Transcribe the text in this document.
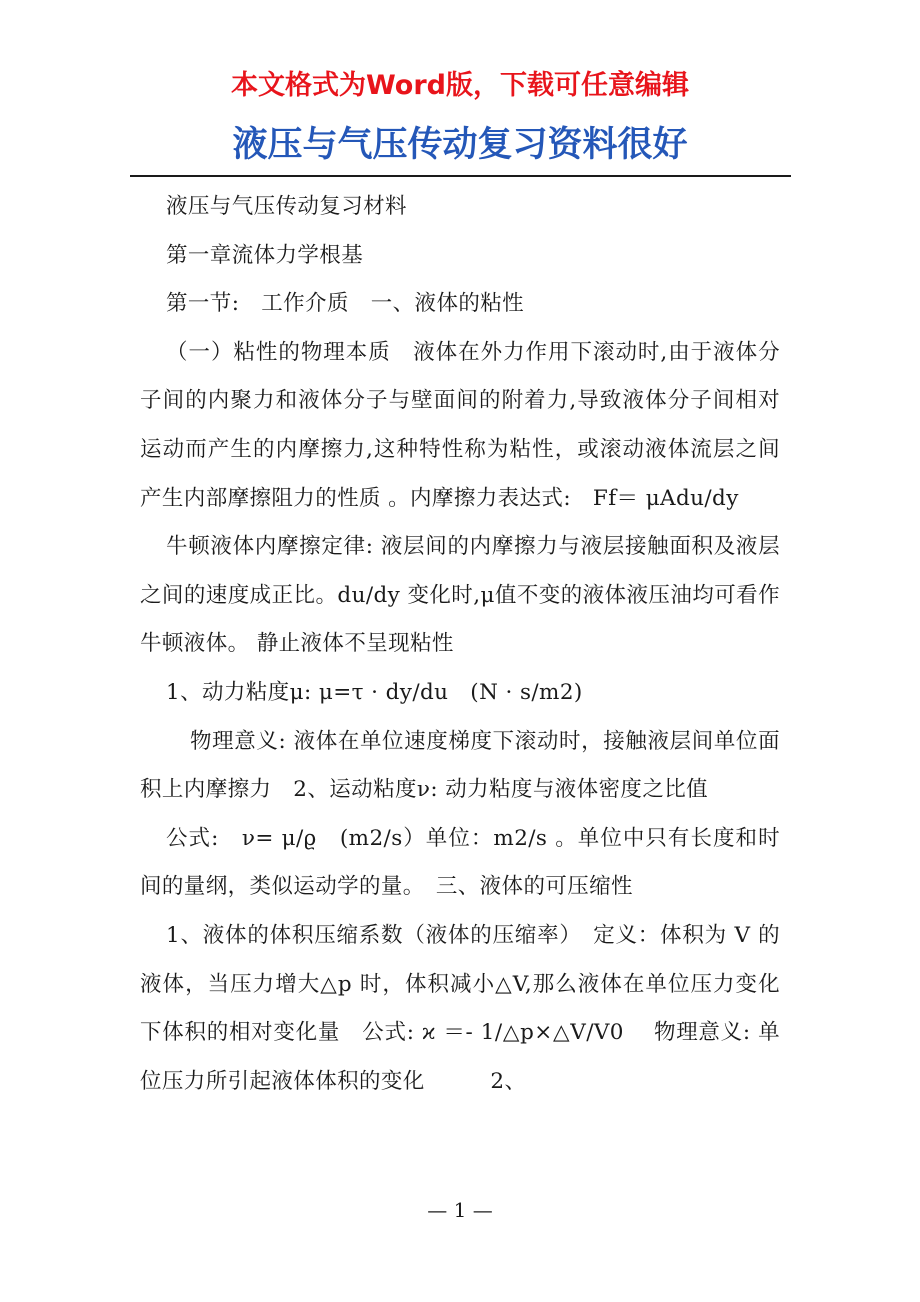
本文格式为Word版，下载可任意编辑
液压与气压传动复习资料很好

液压与气压传动复习材料

第一章流体力学根基

第一节:　工作介质　一、液体的粘性

（一）粘性的物理本质　液体在外力作用下滚动时,由于液体分子间的内聚力和液体分子与壁面间的附着力,导致液体分子间相对运动而产生的内摩擦力,这种特性称为粘性，或滚动液体流层之间产生内部摩擦阻力的性质 。内摩擦力表达式:　Ff＝ μAdu/dy

牛顿液体内摩擦定律: 液层间的内摩擦力与液层接触面积及液层之间的速度成正比。du/dy 变化时,μ值不变的液体液压油均可看作牛顿液体。 静止液体不呈现粘性

1、动力粘度μ: μ=τ · dy/du　(N · s/m2)

物理意义: 液体在单位速度梯度下滚动时，接触液层间单位面积上内摩擦力　2、运动粘度ν: 动力粘度与液体密度之比值

公式:　ν= μ/ϱ　(m2/s）单位：m2/s 。单位中只有长度和时间的量纲，类似运动学的量。　三、液体的可压缩性

1、液体的体积压缩系数（液体的压缩率）　定义：体积为 V 的液体，当压力增大△p 时，体积减小△V,那么液体在单位压力变化下体积的相对变化量　公式: ϰ ＝- 1/△p×△V/V0　 物理意义: 单位压力所引起液体体积的变化　　　2、

— 1 —
